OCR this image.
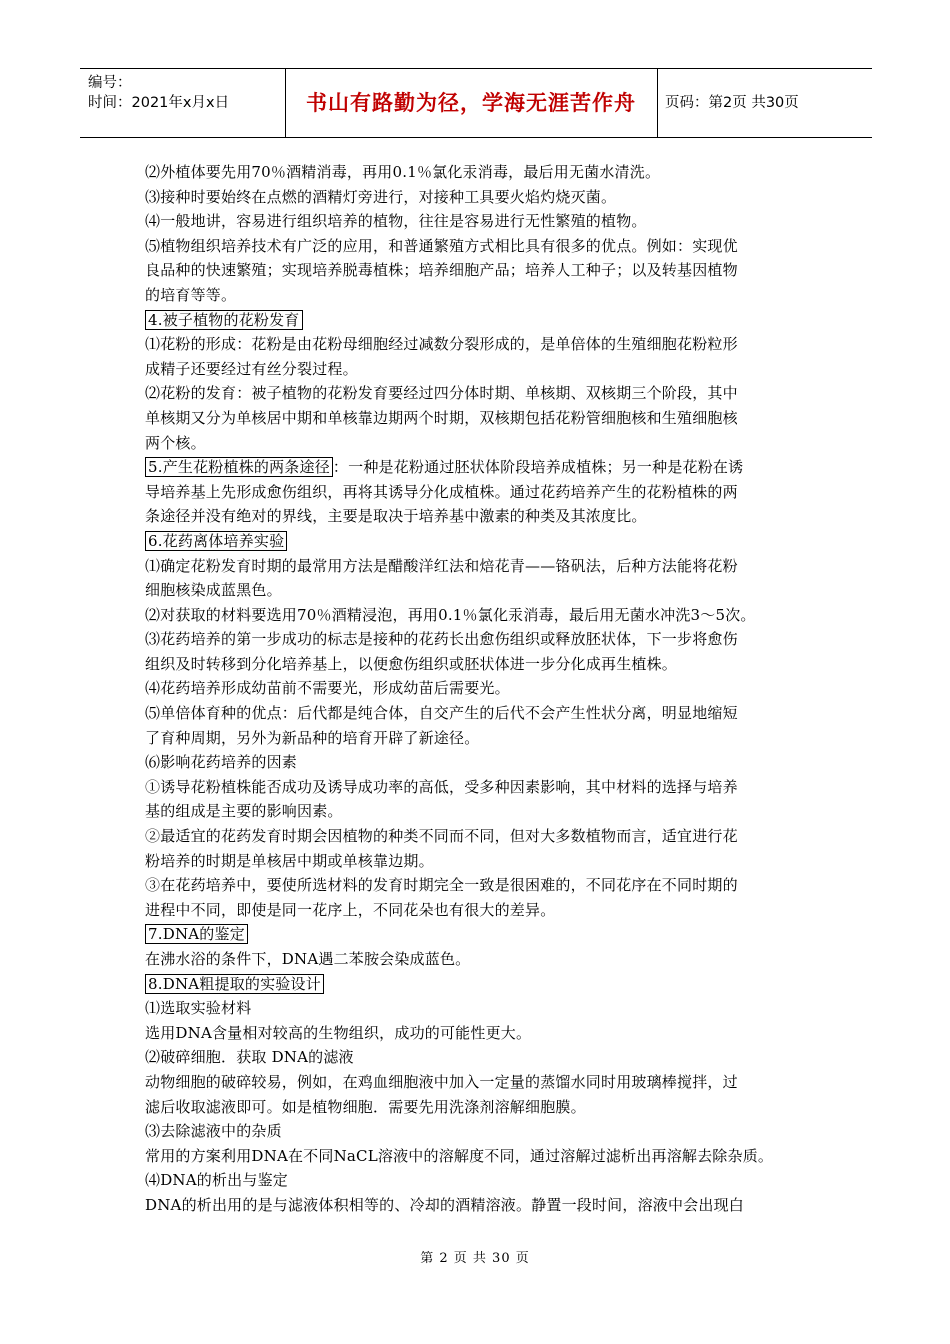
编号：
时间：2021年x月x日	书山有路勤为径，学海无涯苦作舟	页码：第2页 共30页
⑵外植体要先用70％酒精消毒，再用0.1％氯化汞消毒，最后用无菌水清洗。
⑶接种时要始终在点燃的酒精灯旁进行，对接种工具要火焰灼烧灭菌。
⑷一般地讲，容易进行组织培养的植物，往往是容易进行无性繁殖的植物。
⑸植物组织培养技术有广泛的应用，和普通繁殖方式相比具有很多的优点。例如：实现优
良品种的快速繁殖；实现培养脱毒植株；培养细胞产品；培养人工种子；以及转基因植物
的培育等等。
4.被子植物的花粉发育
⑴花粉的形成：花粉是由花粉母细胞经过减数分裂形成的，是单倍体的生殖细胞花粉粒形
成精子还要经过有丝分裂过程。
⑵花粉的发育：被子植物的花粉发育要经过四分体时期、单核期、双核期三个阶段，其中
单核期又分为单核居中期和单核靠边期两个时期，双核期包括花粉管细胞核和生殖细胞核
两个核。
5.产生花粉植株的两条途径 ：一种是花粉通过胚状体阶段培养成植株；另一种是花粉在诱
导培养基上先形成愈伤组织，再将其诱导分化成植株。通过花药培养产生的花粉植株的两
条途径并没有绝对的界线，主要是取决于培养基中激素的种类及其浓度比。
6.花药离体培养实验
⑴确定花粉发育时期的最常用方法是醋酸洋红法和焙花青——铬矾法，后种方法能将花粉
细胞核染成蓝黑色。
⑵对获取的材料要选用70％酒精浸泡，再用0.1％氯化汞消毒，最后用无菌水冲洗3～5次。
⑶花药培养的第一步成功的标志是接种的花药长出愈伤组织或释放胚状体，下一步将愈伤
组织及时转移到分化培养基上，以便愈伤组织或胚状体进一步分化成再生植株。
⑷花药培养形成幼苗前不需要光，形成幼苗后需要光。
⑸单倍体育种的优点：后代都是纯合体，自交产生的后代不会产生性状分离，明显地缩短
了育种周期，另外为新品种的培育开辟了新途径。
⑹影响花药培养的因素
①诱导花粉植株能否成功及诱导成功率的高低，受多种因素影响，其中材料的选择与培养
基的组成是主要的影响因素。
②最适宜的花药发育时期会因植物的种类不同而不同，但对大多数植物而言，适宜进行花
粉培养的时期是单核居中期或单核靠边期。
③在花药培养中，要使所选材料的发育时期完全一致是很困难的，不同花序在不同时期的
进程中不同，即使是同一花序上，不同花朵也有很大的差异。
7.DNA的鉴定
在沸水浴的条件下，DNA遇二苯胺会染成蓝色。
8.DNA粗提取的实验设计
⑴选取实验材料
选用DNA含量相对较高的生物组织，成功的可能性更大。
⑵破碎细胞．获取 DNA的滤液
动物细胞的破碎较易，例如，在鸡血细胞液中加入一定量的蒸馏水同时用玻璃棒搅拌，过
滤后收取滤液即可。如是植物细胞．需要先用洗涤剂溶解细胞膜。
⑶去除滤液中的杂质
常用的方案利用DNA在不同NaCL溶液中的溶解度不同，通过溶解过滤析出再溶解去除杂质。
⑷DNA的析出与鉴定
DNA的析出用的是与滤液体积相等的、冷却的酒精溶液。静置一段时间，溶液中会出现白
第 2 页 共 30 页
